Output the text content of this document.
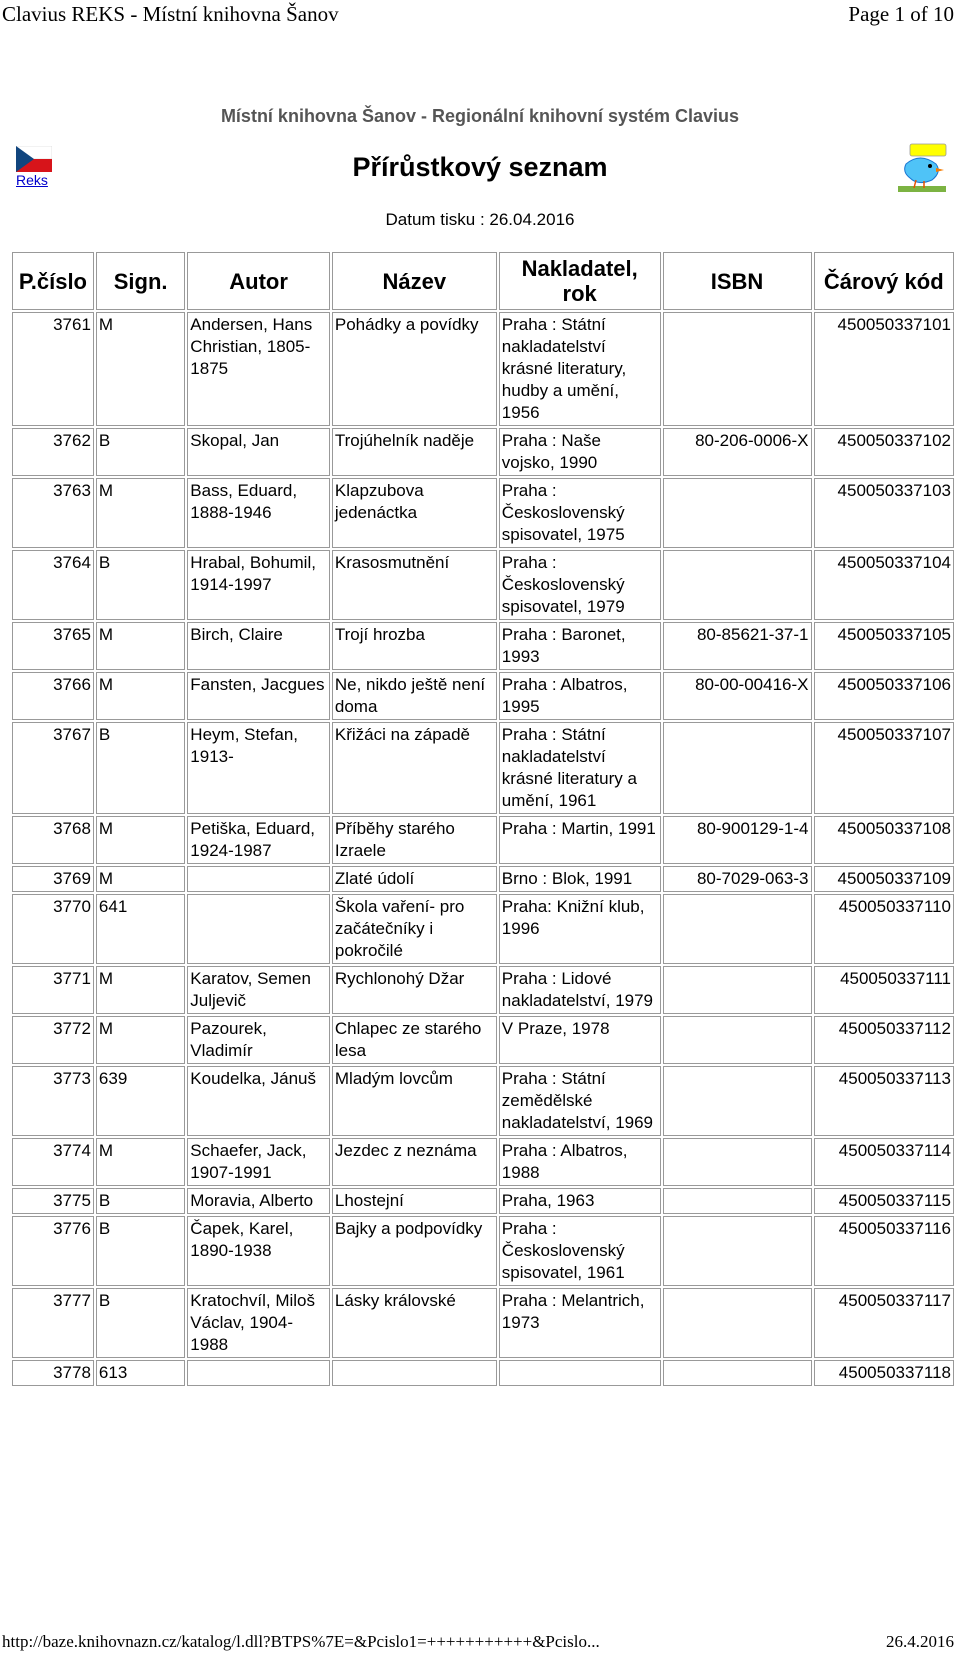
Clavius REKS - Místní knihovna Šanov	Page 1 of 10
Místní knihovna Šanov - Regionální knihovní systém Clavius
Reks	Přírůstkový seznam
Datum tisku : 26.04.2016
P.číslo	Sign.	Autor	Název	Nakladatel, rok	ISBN	Čárový kód
3761	M	Andersen, Hans Christian, 1805-1875	Pohádky a povídky	Praha : Státní nakladatelství krásné literatury, hudby a umění, 1956		450050337101
3762	B	Skopal, Jan	Trojúhelník naděje	Praha : Naše vojsko, 1990	80-206-0006-X	450050337102
3763	M	Bass, Eduard, 1888-1946	Klapzubova jedenáctka	Praha : Československý spisovatel, 1975		450050337103
3764	B	Hrabal, Bohumil, 1914-1997	Krasosmutnění	Praha : Československý spisovatel, 1979		450050337104
3765	M	Birch, Claire	Trojí hrozba	Praha : Baronet, 1993	80-85621-37-1	450050337105
3766	M	Fansten, Jacgues	Ne, nikdo ještě není doma	Praha : Albatros, 1995	80-00-00416-X	450050337106
3767	B	Heym, Stefan, 1913-	Křižáci na západě	Praha : Státní nakladatelství krásné literatury a umění, 1961		450050337107
3768	M	Petiška, Eduard, 1924-1987	Příběhy starého Izraele	Praha : Martin, 1991	80-900129-1-4	450050337108
3769	M		Zlaté údolí	Brno : Blok, 1991	80-7029-063-3	450050337109
3770	641		Škola vaření- pro začátečníky i pokročilé	Praha: Knižní klub, 1996		450050337110
3771	M	Karatov, Semen Juljevič	Rychlonohý Džar	Praha : Lidové nakladatelství, 1979		450050337111
3772	M	Pazourek, Vladimír	Chlapec ze starého lesa	V Praze, 1978		450050337112
3773	639	Koudelka, Jánuš	Mladým lovcům	Praha : Státní zemědělské nakladatelství, 1969		450050337113
3774	M	Schaefer, Jack, 1907-1991	Jezdec z neznáma	Praha : Albatros, 1988		450050337114
3775	B	Moravia, Alberto	Lhostejní	Praha, 1963		450050337115
3776	B	Čapek, Karel, 1890-1938	Bajky a podpovídky	Praha : Československý spisovatel, 1961		450050337116
3777	B	Kratochvíl, Miloš Václav, 1904-1988	Lásky královské	Praha : Melantrich, 1973		450050337117
3778	613					450050337118
http://baze.knihovnazn.cz/katalog/l.dll?BTPS%7E=&Pcislo1=+++++++++++&Pcislo...	26.4.2016
